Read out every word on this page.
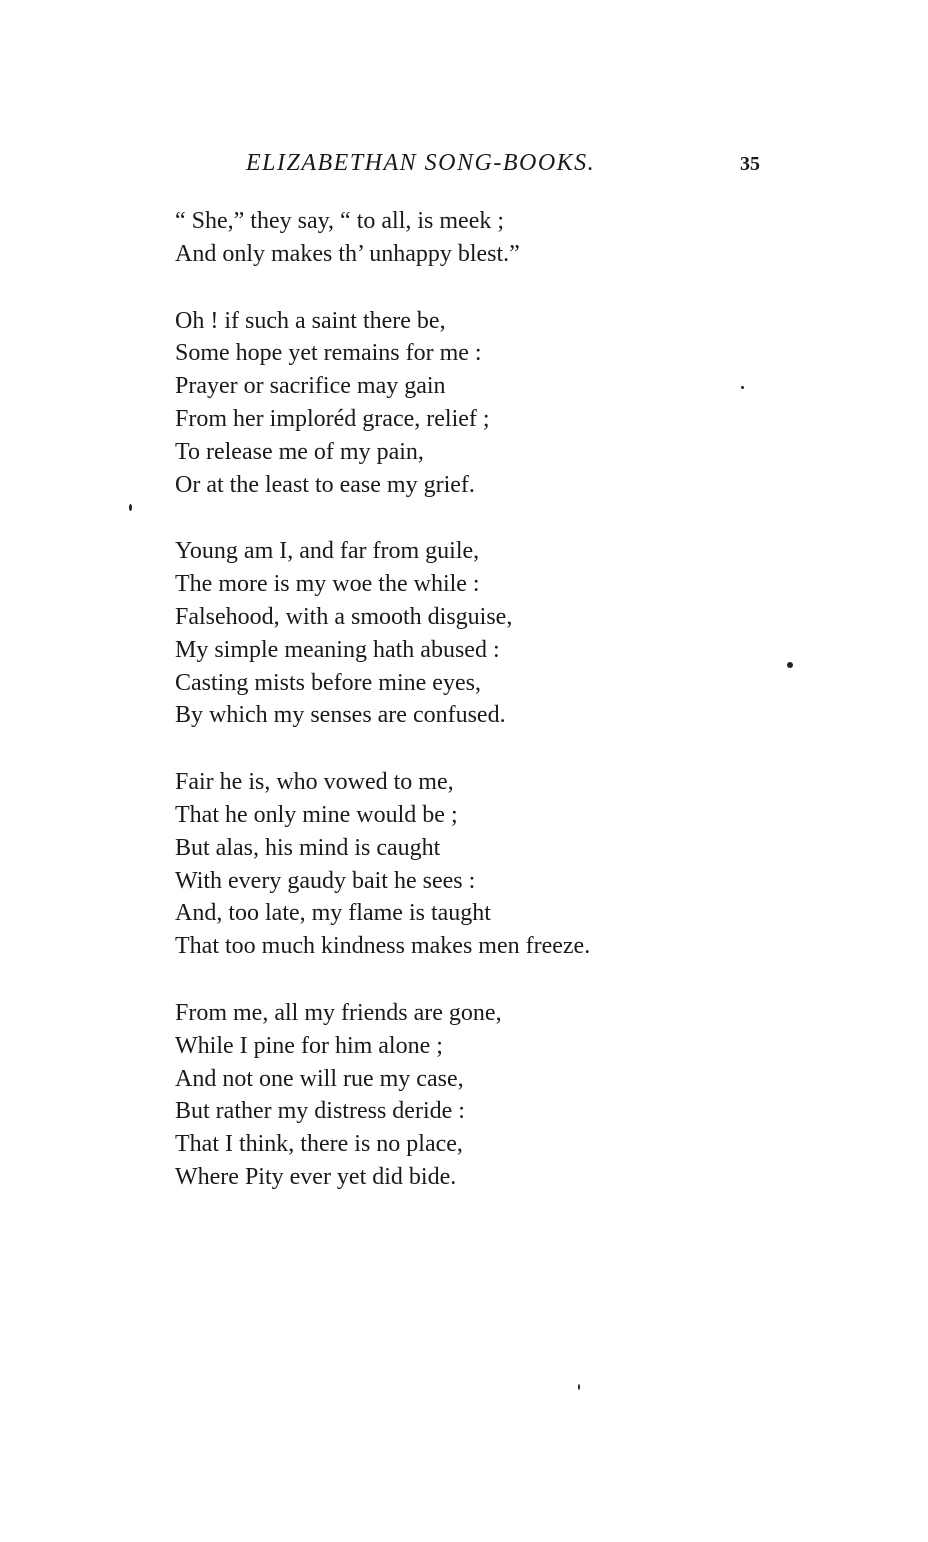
ELIZABETHAN SONG-BOOKS.	35
“ She,” they say, “ to all, is meek ;
And only makes th’ unhappy blest.”
Oh ! if such a saint there be,
Some hope yet remains for me :
Prayer or sacrifice may gain
From her imploréd grace, relief ;
To release me of my pain,
Or at the least to ease my grief.
Young am I, and far from guile,
The more is my woe the while :
Falsehood, with a smooth disguise,
My simple meaning hath abused :
Casting mists before mine eyes,
By which my senses are confused.
Fair he is, who vowed to me,
That he only mine would be ;
But alas, his mind is caught
With every gaudy bait he sees :
And, too late, my flame is taught
That too much kindness makes men freeze.
From me, all my friends are gone,
While I pine for him alone ;
And not one will rue my case,
But rather my distress deride :
That I think, there is no place,
Where Pity ever yet did bide.
